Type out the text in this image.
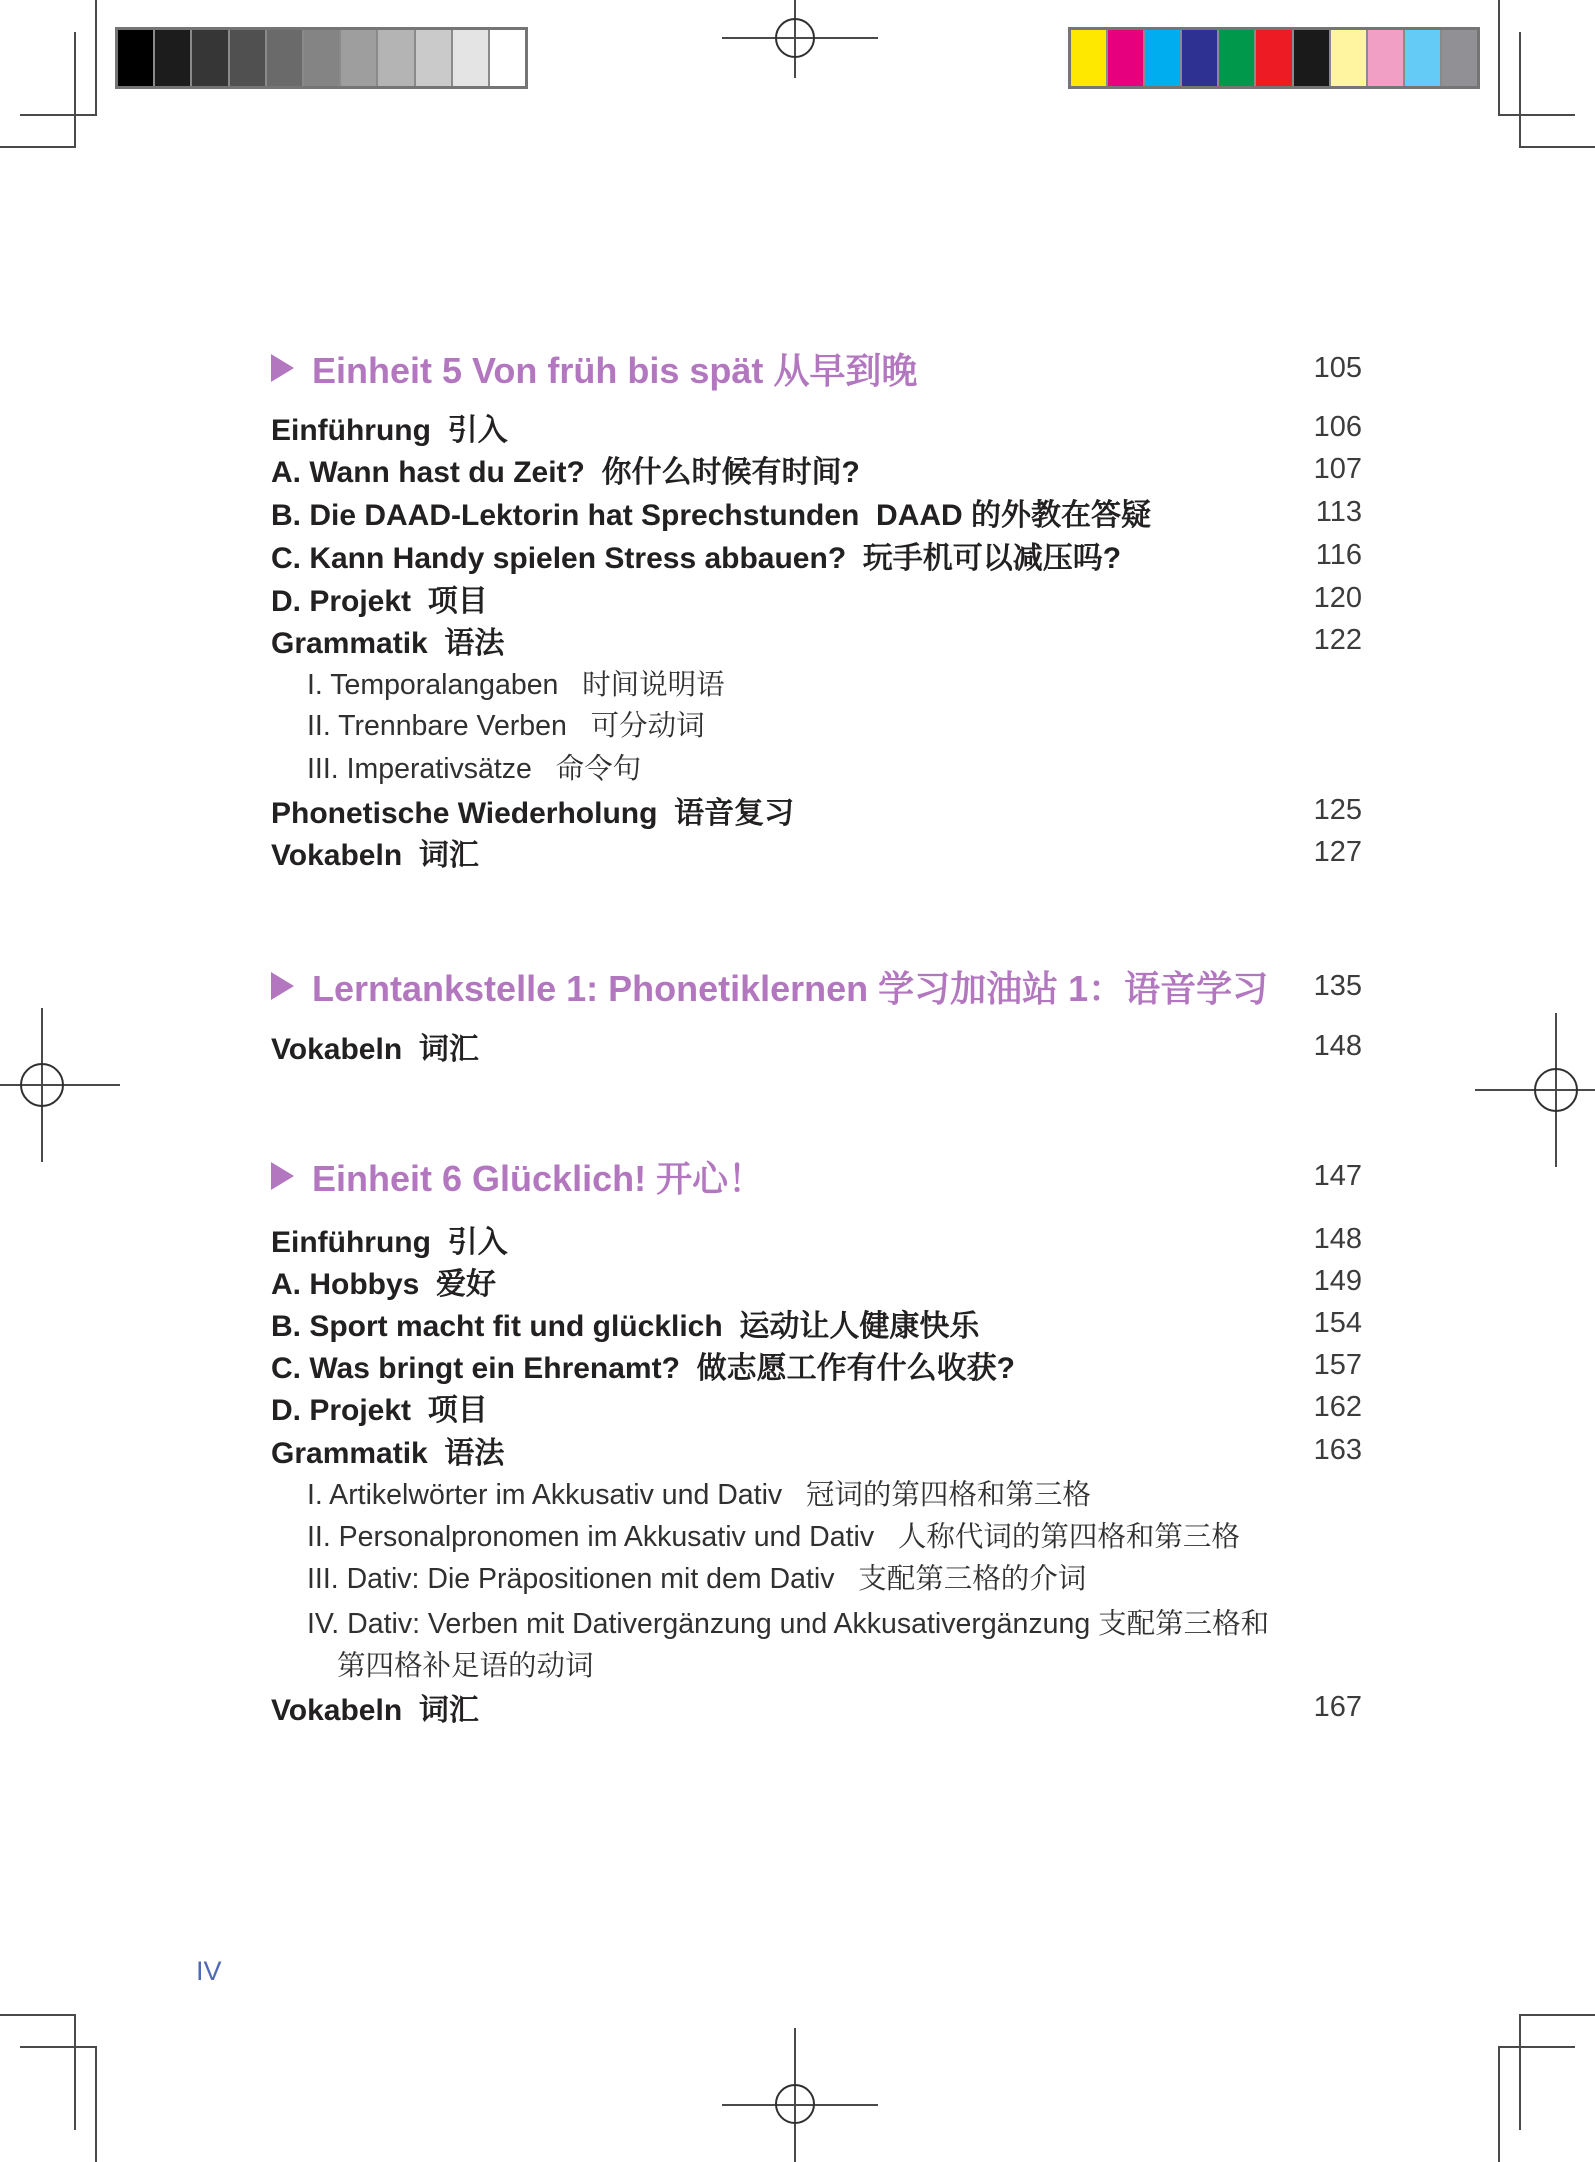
Einheit 5 Von früh bis spät 从早到晚	105
Einführung  引入	106
A. Wann hast du Zeit?  你什么时候有时间?	107
B. Die DAAD-Lektorin hat Sprechstunden  DAAD 的外教在答疑	113
C. Kann Handy spielen Stress abbauen?  玩手机可以减压吗?	116
D. Projekt  项目	120
Grammatik  语法	122
I. Temporalangaben   时间说明语
II. Trennbare Verben   可分动词
III. Imperativsätze   命令句
Phonetische Wiederholung  语音复习	125
Vokabeln  词汇	127
Lerntankstelle 1: Phonetiklernen 学习加油站 1：语音学习	135
Vokabeln  词汇	148
Einheit 6 Glücklich! 开心！	147
Einführung  引入	148
A. Hobbys  爱好	149
B. Sport macht fit und glücklich  运动让人健康快乐	154
C. Was bringt ein Ehrenamt?  做志愿工作有什么收获?	157
D. Projekt  项目	162
Grammatik  语法	163
I. Artikelwörter im Akkusativ und Dativ   冠词的第四格和第三格
II. Personalpronomen im Akkusativ und Dativ   人称代词的第四格和第三格
III. Dativ: Die Präpositionen mit dem Dativ   支配第三格的介词
IV. Dativ: Verben mit Dativergänzung und Akkusativergänzung 支配第三格和
第四格补足语的动词
Vokabeln  词汇	167
IV
